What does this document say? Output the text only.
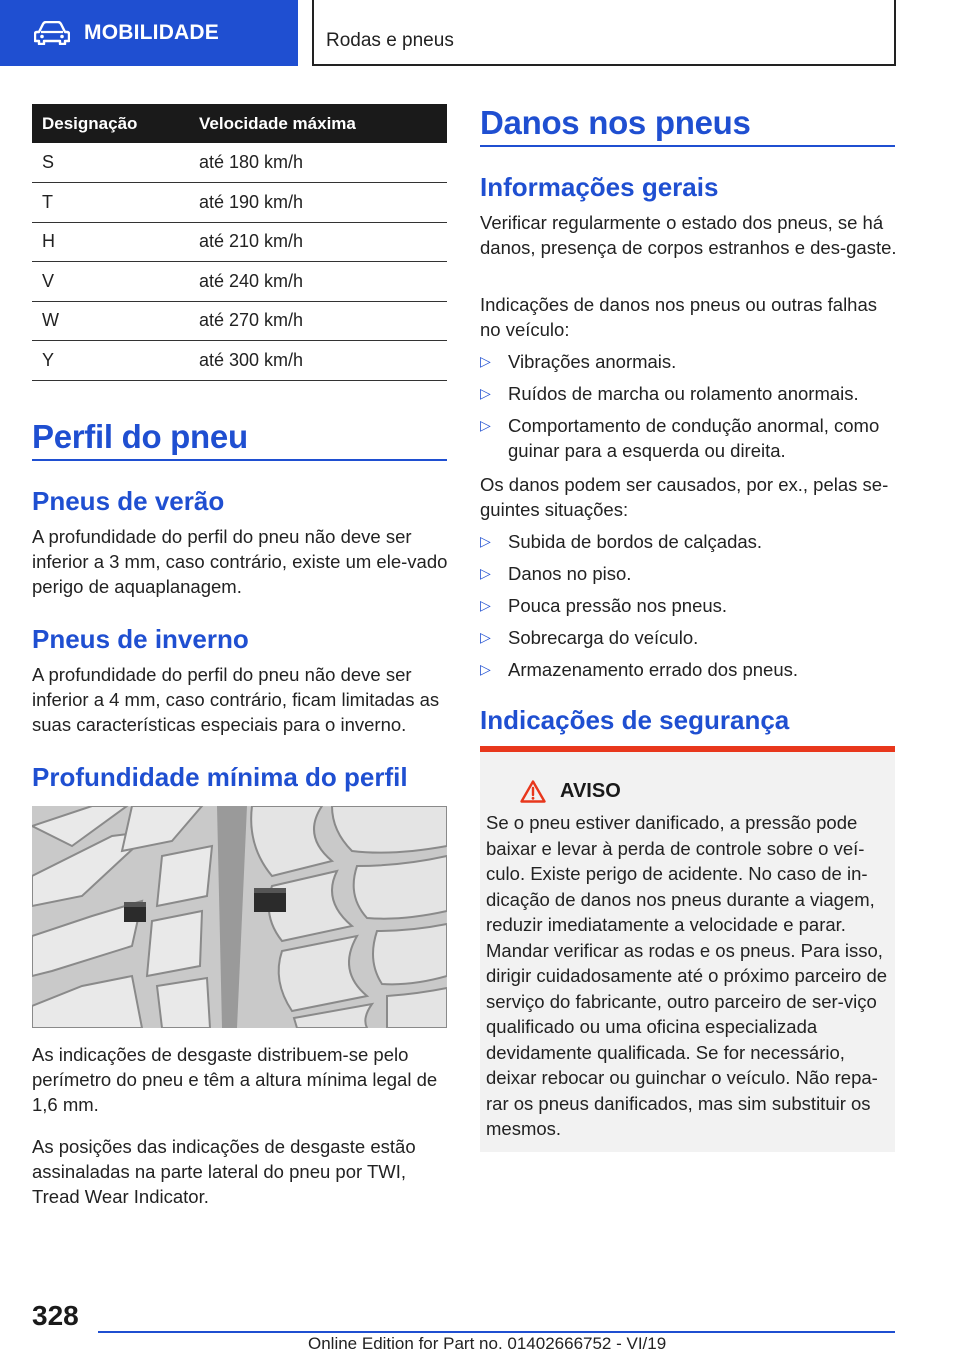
MOBILIDADE	Rodas e pneus
Designação	Velocidade máxima
S	até 180 km/h
T	até 190 km/h
H	até 210 km/h
V	até 240 km/h
W	até 270 km/h
Y	até 300 km/h
Perfil do pneu
Pneus de verão
A profundidade do perfil do pneu não deve ser inferior a 3 mm, caso contrário, existe um ele-vado perigo de aquaplanagem.
Pneus de inverno
A profundidade do perfil do pneu não deve ser inferior a 4 mm, caso contrário, ficam limitadas as suas características especiais para o inverno.
Profundidade mínima do perfil
As indicações de desgaste distribuem-se pelo perímetro do pneu e têm a altura mínima legal de 1,6 mm.
As posições das indicações de desgaste estão assinaladas na parte lateral do pneu por TWI, Tread Wear Indicator.
Danos nos pneus
Informações gerais
Verificar regularmente o estado dos pneus, se há danos, presença de corpos estranhos e des-gaste.
Indicações de danos nos pneus ou outras falhas no veículo:
▷ Vibrações anormais.
▷ Ruídos de marcha ou rolamento anormais.
▷ Comportamento de condução anormal, como guinar para a esquerda ou direita.
Os danos podem ser causados, por ex., pelas se-guintes situações:
▷ Subida de bordos de calçadas.
▷ Danos no piso.
▷ Pouca pressão nos pneus.
▷ Sobrecarga do veículo.
▷ Armazenamento errado dos pneus.
Indicações de segurança
AVISO
Se o pneu estiver danificado, a pressão pode baixar e levar à perda de controle sobre o veí-culo. Existe perigo de acidente. No caso de in-dicação de danos nos pneus durante a viagem, reduzir imediatamente a velocidade e parar. Mandar verificar as rodas e os pneus. Para isso, dirigir cuidadosamente até o próximo parceiro de serviço do fabricante, outro parceiro de ser-viço qualificado ou uma oficina especializada devidamente qualificada. Se for necessário, deixar rebocar ou guinchar o veículo. Não repa-rar os pneus danificados, mas sim substituir os mesmos.
328
Online Edition for Part no. 01402666752 - VI/19
